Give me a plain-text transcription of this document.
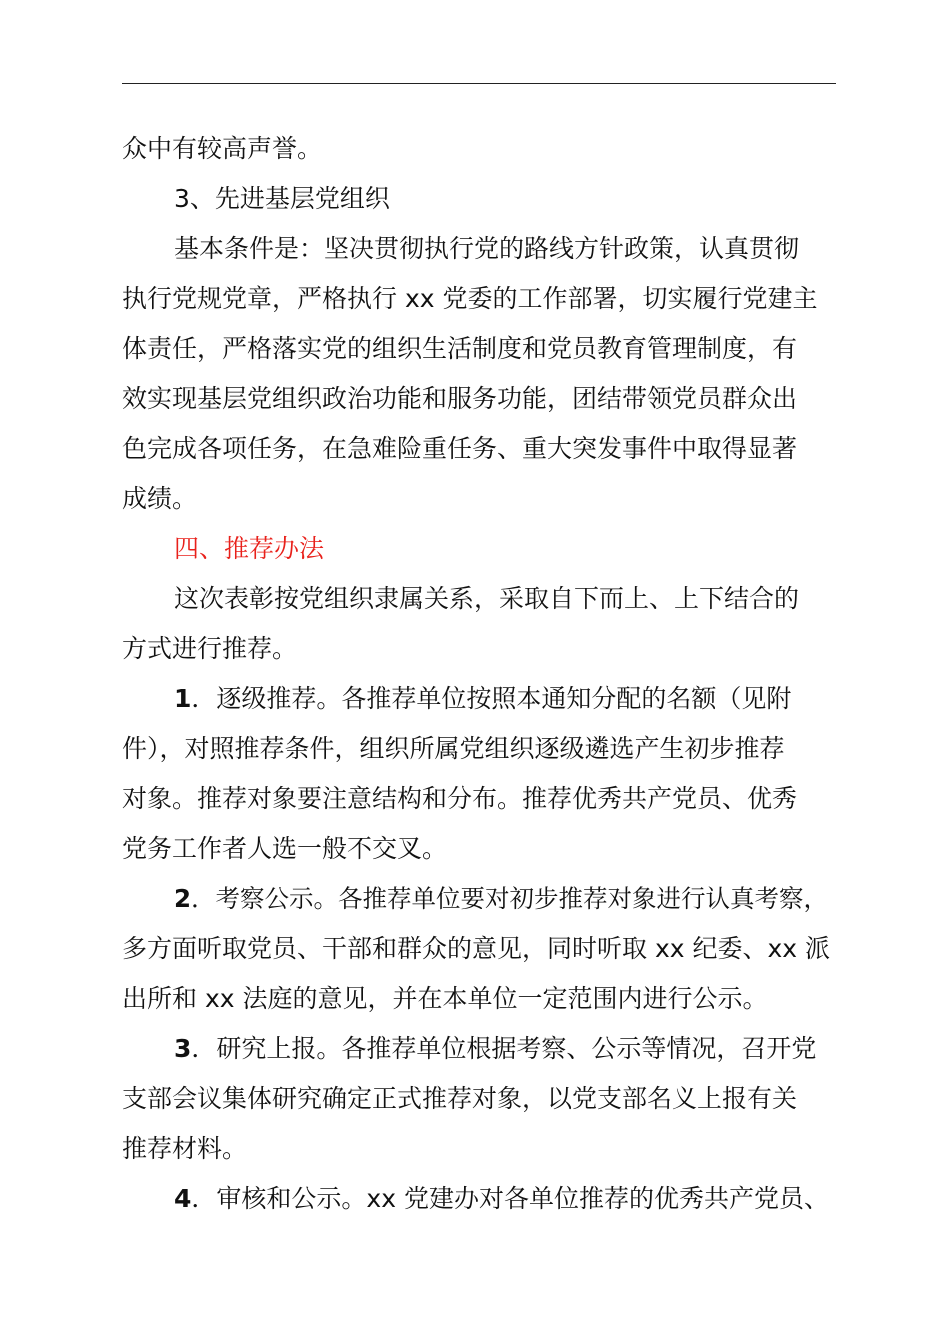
众中有较高声誉。
3、先进基层党组织
基本条件是：坚决贯彻执行党的路线方针政策，认真贯彻
执行党规党章，严格执行 xx 党委的工作部署，切实履行党建主
体责任，严格落实党的组织生活制度和党员教育管理制度，有
效实现基层党组织政治功能和服务功能，团结带领党员群众出
色完成各项任务，在急难险重任务、重大突发事件中取得显著
成绩。
四、推荐办法
这次表彰按党组织隶属关系，采取自下而上、上下结合的
方式进行推荐。
1．逐级推荐。各推荐单位按照本通知分配的名额（见附
件），对照推荐条件，组织所属党组织逐级遴选产生初步推荐
对象。推荐对象要注意结构和分布。推荐优秀共产党员、优秀
党务工作者人选一般不交叉。
2．考察公示。各推荐单位要对初步推荐对象进行认真考察，
多方面听取党员、干部和群众的意见，同时听取 xx 纪委、xx 派
出所和 xx 法庭的意见，并在本单位一定范围内进行公示。
3．研究上报。各推荐单位根据考察、公示等情况，召开党
支部会议集体研究确定正式推荐对象，以党支部名义上报有关
推荐材料。
4．审核和公示。xx 党建办对各单位推荐的优秀共产党员、
